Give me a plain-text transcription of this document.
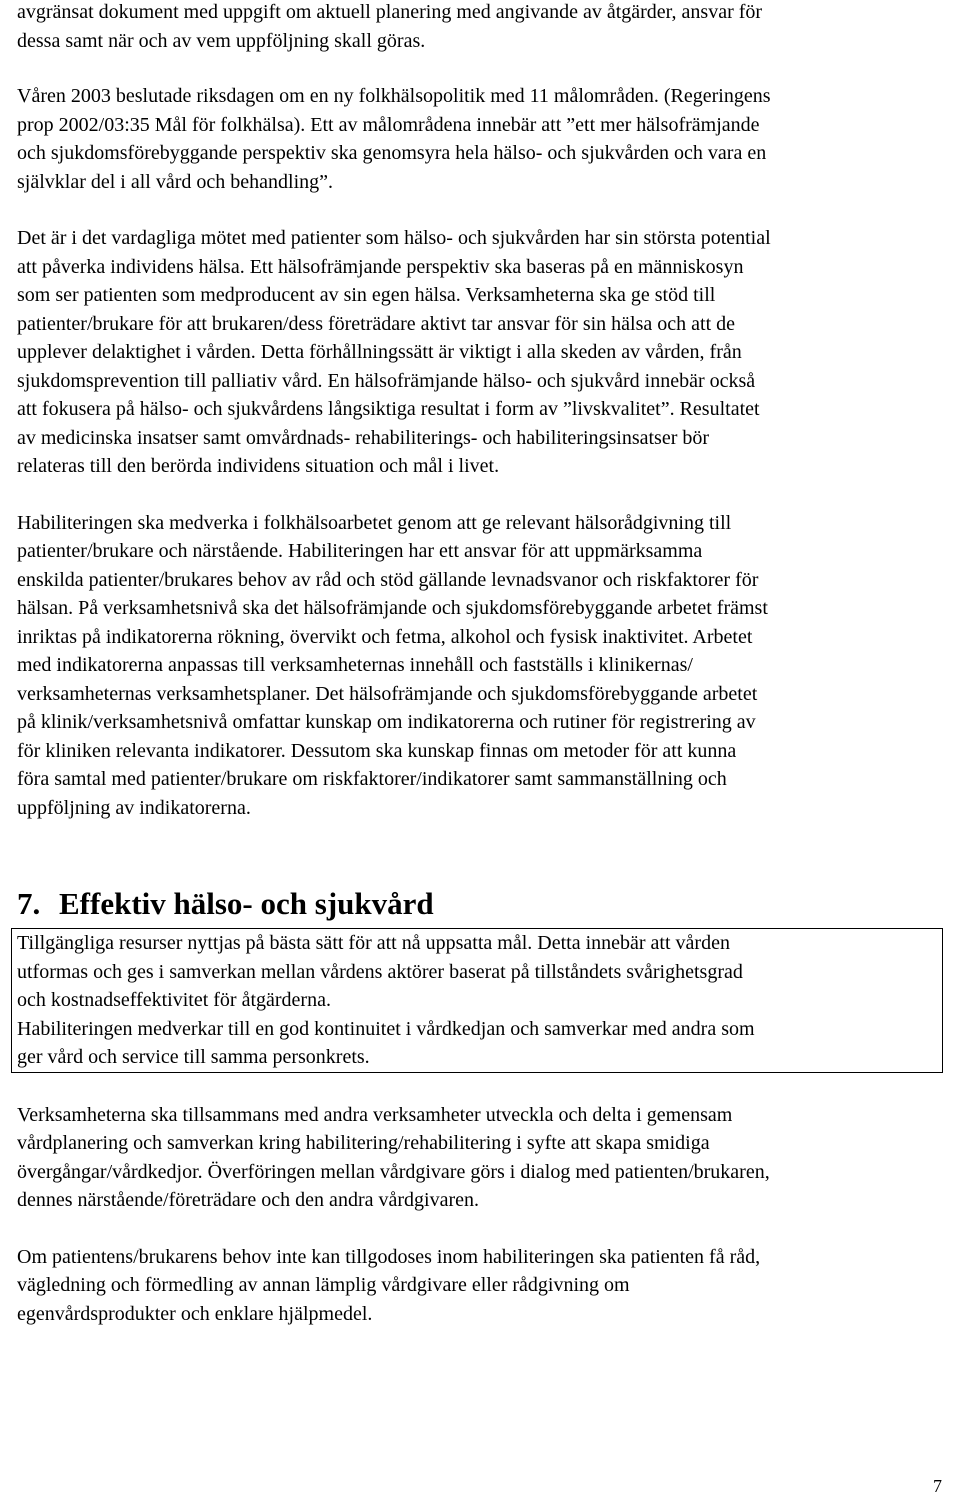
avgränsat dokument med uppgift om aktuell planering med angivande av åtgärder, ansvar för
dessa samt när och av vem uppföljning skall göras.

Våren 2003 beslutade riksdagen om en ny folkhälsopolitik med 11 målområden. (Regeringens
prop 2002/03:35 Mål för folkhälsa). Ett av målområdena innebär att ”ett mer hälsofrämjande
och sjukdomsförebyggande perspektiv ska genomsyra hela hälso- och sjukvården och vara en
självklar del i all vård och behandling”.

Det är i det vardagliga mötet med patienter som hälso- och sjukvården har sin största potential
att påverka individens hälsa. Ett hälsofrämjande perspektiv ska baseras på en människosyn
som ser patienten som medproducent av sin egen hälsa. Verksamheterna ska ge stöd till
patienter/brukare för att brukaren/dess företrädare aktivt tar ansvar för sin hälsa och att de
upplever delaktighet i vården. Detta förhållningssätt är viktigt i alla skeden av vården, från
sjukdomsprevention till palliativ vård. En hälsofrämjande hälso- och sjukvård innebär också
att fokusera på hälso- och sjukvårdens långsiktiga resultat i form av ”livskvalitet”. Resultatet
av medicinska insatser samt omvårdnads- rehabiliterings- och habiliteringsinsatser bör
relateras till den berörda individens situation och mål i livet.

Habiliteringen ska medverka i folkhälsoarbetet genom att ge relevant hälsorådgivning till
patienter/brukare och närstående. Habiliteringen har ett ansvar för att uppmärksamma
enskilda patienter/brukares behov av råd och stöd gällande levnadsvanor och riskfaktorer för
hälsan. På verksamhetsnivå ska det hälsofrämjande och sjukdomsförebyggande arbetet främst
inriktas på indikatorerna rökning, övervikt och fetma, alkohol och fysisk inaktivitet. Arbetet
med indikatorerna anpassas till verksamheternas innehåll och fastställs i klinikernas/
verksamheternas verksamhetsplaner. Det hälsofrämjande och sjukdomsförebyggande arbetet
på klinik/verksamhetsnivå omfattar kunskap om indikatorerna och rutiner för registrering av
för kliniken relevanta indikatorer. Dessutom ska kunskap finnas om metoder för att kunna
föra samtal med patienter/brukare om riskfaktorer/indikatorer samt sammanställning och
uppföljning av indikatorerna.

7. Effektiv hälso- och sjukvård
Tillgängliga resurser nyttjas på bästa sätt för att nå uppsatta mål. Detta innebär att vården
utformas och ges i samverkan mellan vårdens aktörer baserat på tillståndets svårighetsgrad
och kostnadseffektivitet för åtgärderna.
Habiliteringen medverkar till en god kontinuitet i vårdkedjan och samverkar med andra som
ger vård och service till samma personkrets.

Verksamheterna ska tillsammans med andra verksamheter utveckla och delta i gemensam
vårdplanering och samverkan kring habilitering/rehabilitering i syfte att skapa smidiga
övergångar/vårdkedjor. Överföringen mellan vårdgivare görs i dialog med patienten/brukaren,
dennes närstående/företrädare och den andra vårdgivaren.

Om patientens/brukarens behov inte kan tillgodoses inom habiliteringen ska patienten få råd,
vägledning och förmedling av annan lämplig vårdgivare eller rådgivning om
egenvårdsprodukter och enklare hjälpmedel.

7
